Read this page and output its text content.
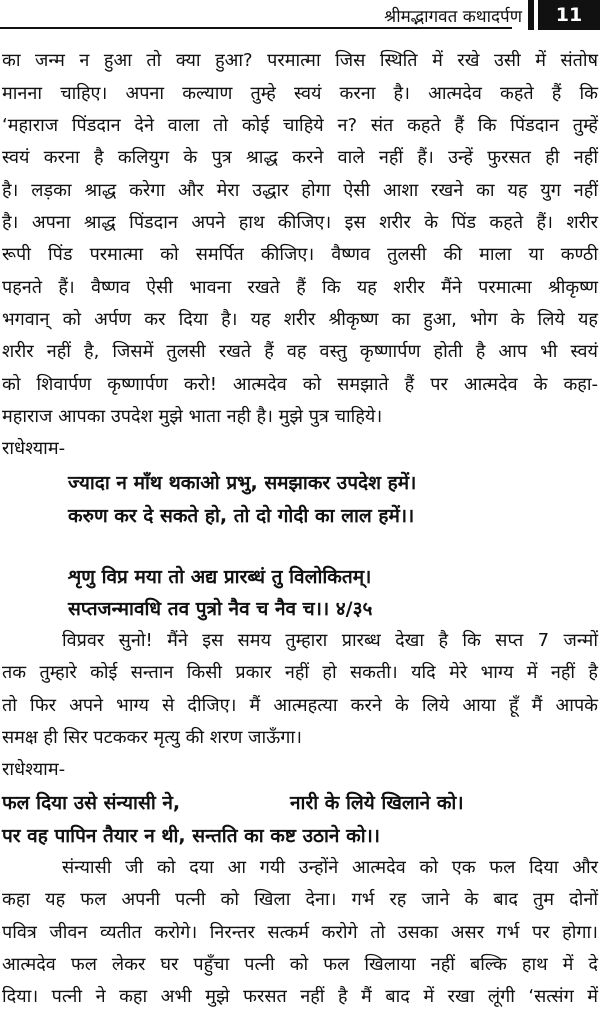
श्रीमद्भागवत कथादर्पण	11
का जन्म न हुआ तो क्या हुआ? परमात्मा जिस स्थिति में रखे उसी में संतोष
मानना चाहिए। अपना कल्याण तुम्हे स्वयं करना है। आत्मदेव कहते हैं कि
‘महाराज पिंडदान देने वाला तो कोई चाहिये न? संत कहते हैं कि पिंडदान तुम्हें
स्वयं करना है कलियुग के पुत्र श्राद्ध करने वाले नहीं हैं। उन्हें फुरसत ही नहीं
है। लड़का श्राद्ध करेगा और मेरा उद्धार होगा ऐसी आशा रखने का यह युग नहीं
है। अपना श्राद्ध पिंडदान अपने हाथ कीजिए। इस शरीर के पिंड कहते हैं। शरीर
रूपी पिंड परमात्मा को समर्पित कीजिए। वैष्णव तुलसी की माला या कण्ठी
पहनते हैं। वैष्णव ऐसी भावना रखते हैं कि यह शरीर मैंने परमात्मा श्रीकृष्ण
भगवान् को अर्पण कर दिया है। यह शरीर श्रीकृष्ण का हुआ, भोग के लिये यह
शरीर नहीं है, जिसमें तुलसी रखते हैं वह वस्तु कृष्णार्पण होती है आप भी स्वयं
को शिवार्पण कृष्णार्पण करो! आत्मदेव को समझाते हैं पर आत्मदेव के कहा-
महाराज आपका उपदेश मुझे भाता नही है। मुझे पुत्र चाहिये।
राधेश्याम-
ज्यादा न माँथ थकाओ प्रभु, समझाकर उपदेश हमें।
करुण कर दे सकते हो, तो दो गोदी का लाल हमें।।
शृणु विप्र मया तो अद्य प्रारब्धं तु विलोकितम्।
सप्तजन्मावधि तव पुत्रो नैव च नैव च।। ४/३५
विप्रवर सुनो! मैंने इस समय तुम्हारा प्रारब्ध देखा है कि सप्त 7 जन्मों
तक तुम्हारे कोई सन्तान किसी प्रकार नहीं हो सकती। यदि मेरे भाग्य में नहीं है
तो फिर अपने भाग्य से दीजिए। मैं आत्महत्या करने के लिये आया हूँ मैं आपके
समक्ष ही सिर पटककर मृत्यु की शरण जाऊँगा।
राधेश्याम-
फल दिया उसे संन्यासी ने,	नारी के लिये खिलाने को।
पर वह पापिन तैयार न थी, सन्तति का कष्ट उठाने को।।
संन्यासी जी को दया आ गयी उन्होंने आत्मदेव को एक फल दिया और
कहा यह फल अपनी पत्नी को खिला देना। गर्भ रह जाने के बाद तुम दोनों
पवित्र जीवन व्यतीत करोगे। निरन्तर सत्कर्म करोगे तो उसका असर गर्भ पर होगा।
आत्मदेव फल लेकर घर पहुँचा पत्नी को फल खिलाया नहीं बल्कि हाथ में दे
दिया। पत्नी ने कहा अभी मुझे फरसत नहीं है मैं बाद में रखा लूंगी ‘सत्संग में
